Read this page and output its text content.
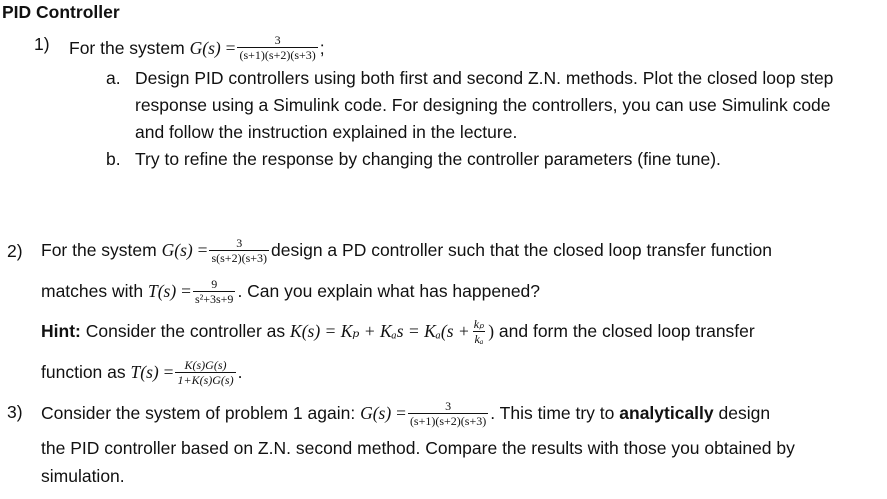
PID Controller
1) For the system
G(s)
= $\frac{3}{(s+1)(s+2)(s+3)}$ ;
a. Design PID controllers using both first and second Z.N. methods. Plot the closed loop step
response using a Simulink code. For designing the controllers, you can use Simulink code
and follow the instruction explained in the lecture.
b. Try to refine the response by changing the controller parameters (fine tune).
2) For the system
G(s)
= $\frac{3}{s(s+2)(s+3)}$ design a PD controller such that the closed loop transfer function
matches with
T(s)
= $\frac{9}{\text{s²+3s+9}}$ . Can you explain what has happened?
Hint:
Consider the controller as
$K(s) = K_p + K_as = K_a(s + \frac{\text{kₚ}}{\text{kₐ}}$ )
and form the closed loop transfer
function as
T(s)
= $\frac{K(s)G(s)}{1+K(s)G(s)}$ .
3) Consider the system of problem 1 again:
G(s)
= $\frac{3}{(s+1)(s+2)(s+3)}$ . This time try to
analytically
design
the PID controller based on Z.N. second method. Compare the results with those you obtained by
simulation.
